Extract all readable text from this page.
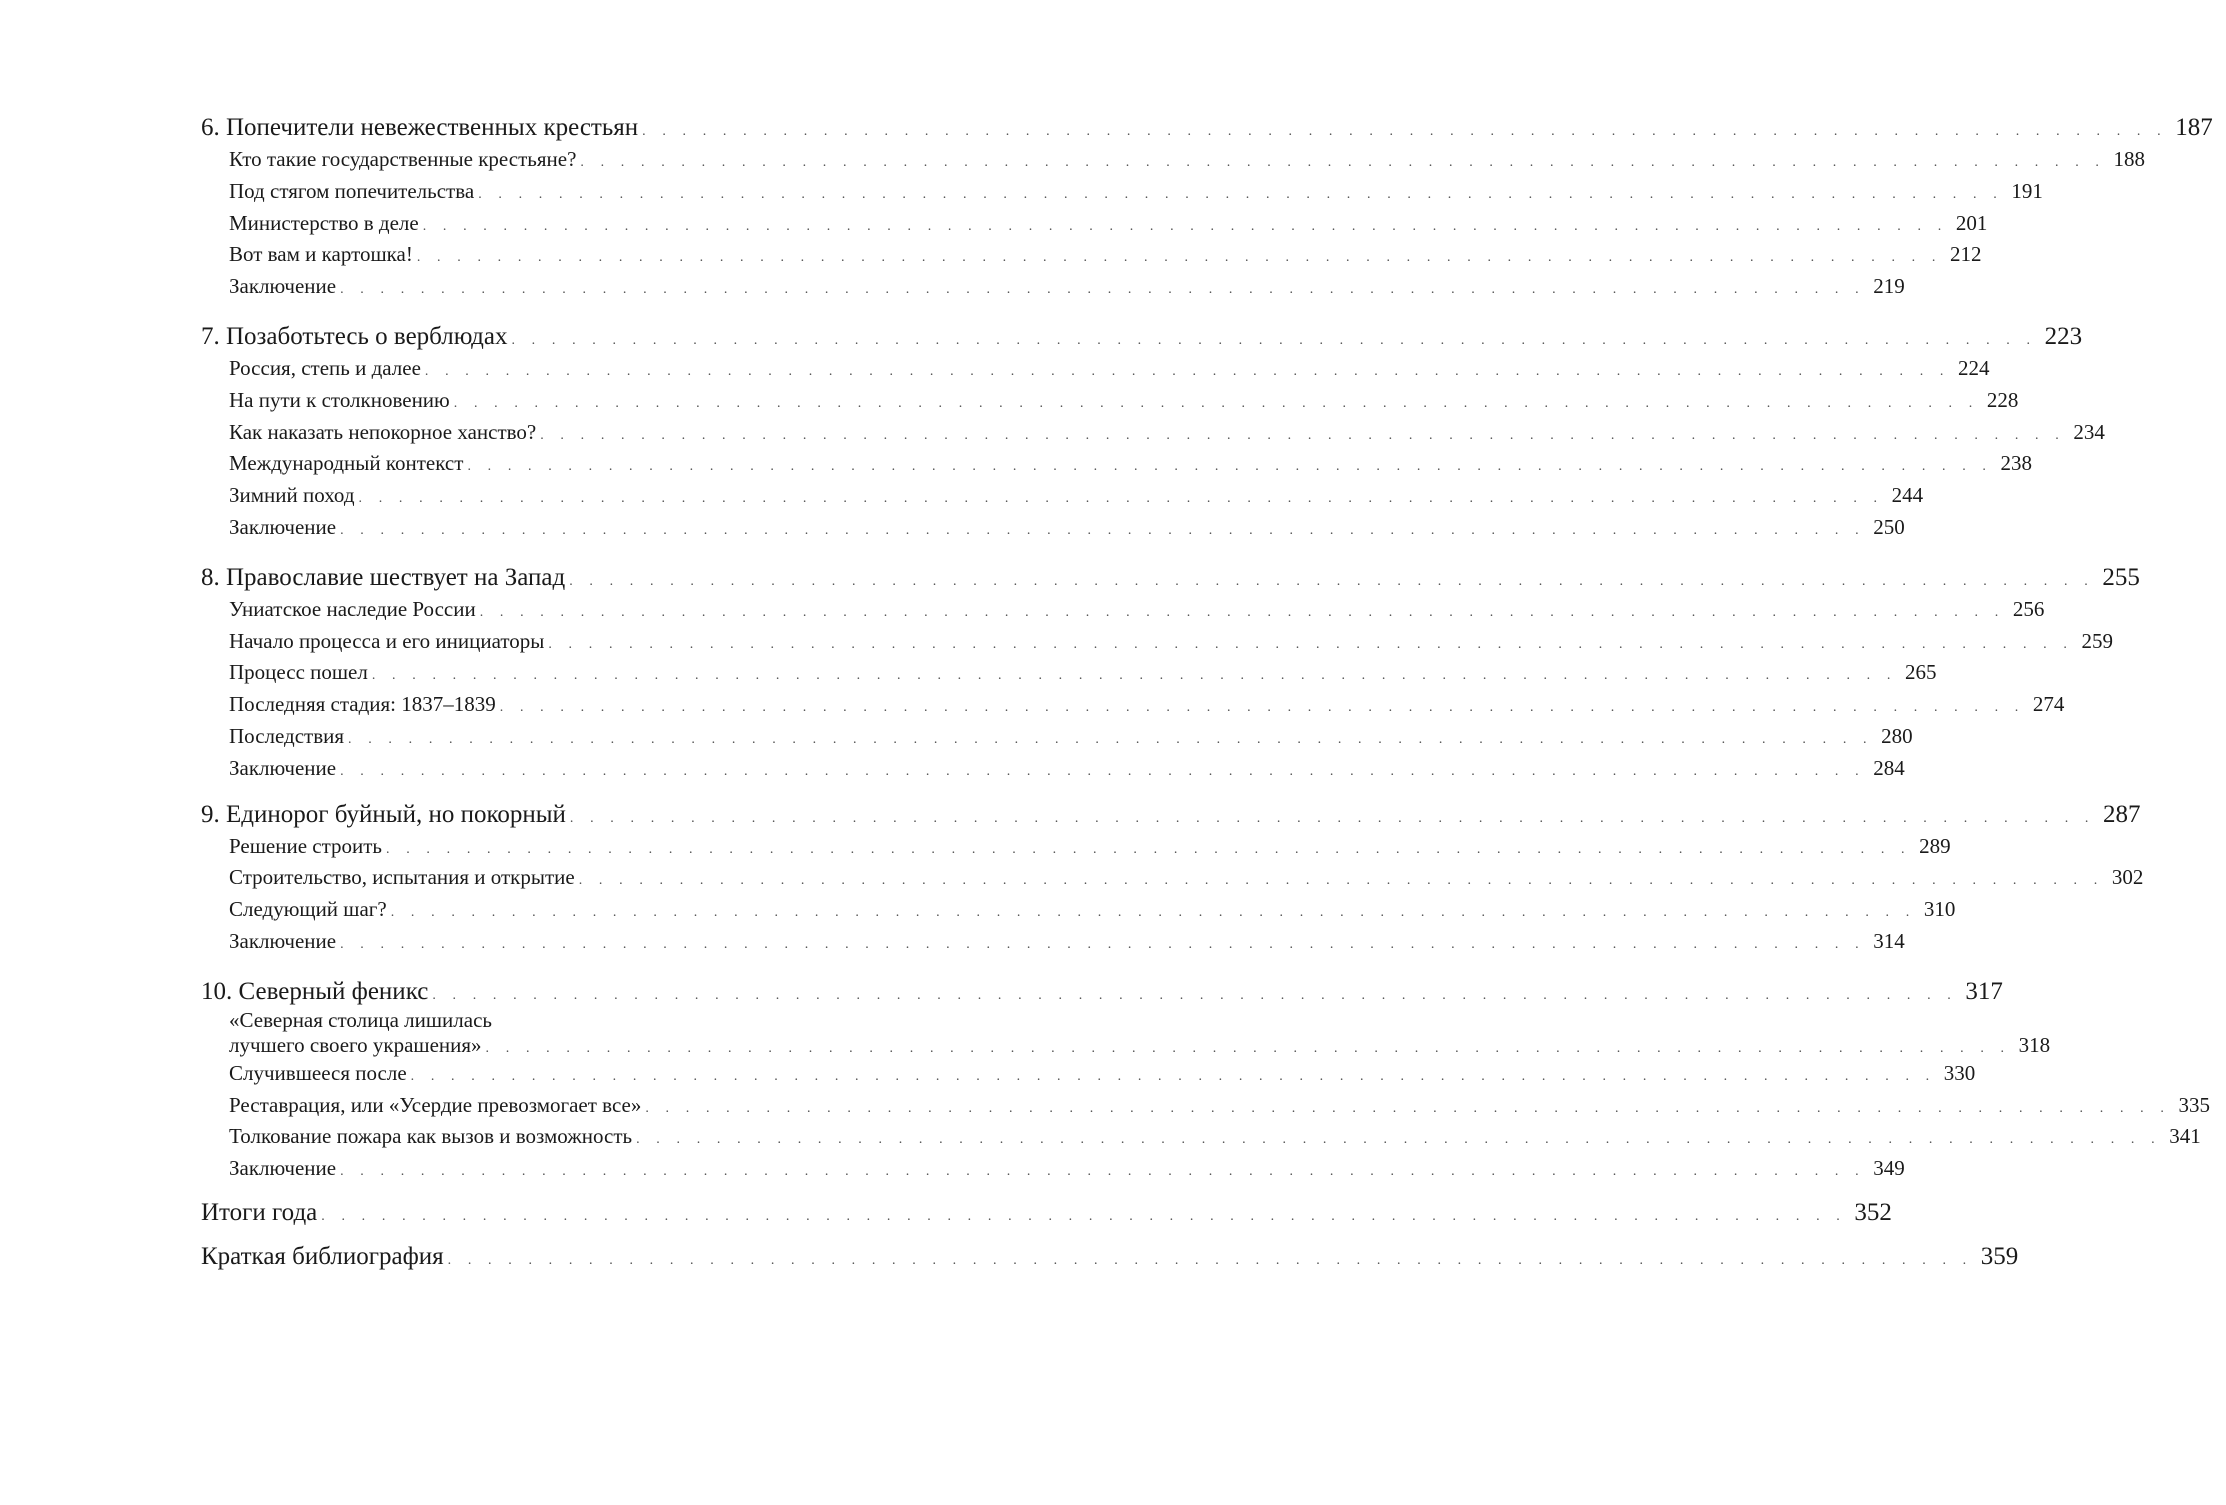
6. Попечители невежественных крестьян . . . . . . . . . . . . . . . . . . . . . . . . . . . . . . . . . . . . . . . . . . . . . . . . . . . . . . . . . . . . . . . . . . . . . . . . . . . . 187
Кто такие государственные крестьяне? . . . . . . . . . . . . . . . . . . . . . . . . . . . . . . . . . . . . . . . . . . . . . . . . . . . . . . . . . . . . . . . . . . . . . . . . . . . . 188
Под стягом попечительства . . . . . . . . . . . . . . . . . . . . . . . . . . . . . . . . . . . . . . . . . . . . . . . . . . . . . . . . . . . . . . . . . . . . . . . . . . . . 191
Министерство в деле . . . . . . . . . . . . . . . . . . . . . . . . . . . . . . . . . . . . . . . . . . . . . . . . . . . . . . . . . . . . . . . . . . . . . . . . . . . . 201
Вот вам и картошка! . . . . . . . . . . . . . . . . . . . . . . . . . . . . . . . . . . . . . . . . . . . . . . . . . . . . . . . . . . . . . . . . . . . . . . . . . . . . 212
Заключение . . . . . . . . . . . . . . . . . . . . . . . . . . . . . . . . . . . . . . . . . . . . . . . . . . . . . . . . . . . . . . . . . . . . . . . . . . . . 219
7. Позаботьтесь о верблюдах . . . . . . . . . . . . . . . . . . . . . . . . . . . . . . . . . . . . . . . . . . . . . . . . . . . . . . . . . . . . . . . . . . . . . . . . . . . . 223
Россия, степь и далее . . . . . . . . . . . . . . . . . . . . . . . . . . . . . . . . . . . . . . . . . . . . . . . . . . . . . . . . . . . . . . . . . . . . . . . . . . . . 224
На пути к столкновению . . . . . . . . . . . . . . . . . . . . . . . . . . . . . . . . . . . . . . . . . . . . . . . . . . . . . . . . . . . . . . . . . . . . . . . . . . . . 228
Как наказать непокорное ханство? . . . . . . . . . . . . . . . . . . . . . . . . . . . . . . . . . . . . . . . . . . . . . . . . . . . . . . . . . . . . . . . . . . . . . . . . . . . . 234
Международный контекст . . . . . . . . . . . . . . . . . . . . . . . . . . . . . . . . . . . . . . . . . . . . . . . . . . . . . . . . . . . . . . . . . . . . . . . . . . . . 238
Зимний поход . . . . . . . . . . . . . . . . . . . . . . . . . . . . . . . . . . . . . . . . . . . . . . . . . . . . . . . . . . . . . . . . . . . . . . . . . . . . 244
Заключение . . . . . . . . . . . . . . . . . . . . . . . . . . . . . . . . . . . . . . . . . . . . . . . . . . . . . . . . . . . . . . . . . . . . . . . . . . . . 250
8. Православие шествует на Запад . . . . . . . . . . . . . . . . . . . . . . . . . . . . . . . . . . . . . . . . . . . . . . . . . . . . . . . . . . . . . . . . . . . . . . . . . . . . 255
Униатское наследие России . . . . . . . . . . . . . . . . . . . . . . . . . . . . . . . . . . . . . . . . . . . . . . . . . . . . . . . . . . . . . . . . . . . . . . . . . . . . 256
Начало процесса и его инициаторы . . . . . . . . . . . . . . . . . . . . . . . . . . . . . . . . . . . . . . . . . . . . . . . . . . . . . . . . . . . . . . . . . . . . . . . . . . . . 259
Процесс пошел . . . . . . . . . . . . . . . . . . . . . . . . . . . . . . . . . . . . . . . . . . . . . . . . . . . . . . . . . . . . . . . . . . . . . . . . . . . . 265
Последняя стадия: 1837–1839 . . . . . . . . . . . . . . . . . . . . . . . . . . . . . . . . . . . . . . . . . . . . . . . . . . . . . . . . . . . . . . . . . . . . . . . . . . . . 274
Последствия . . . . . . . . . . . . . . . . . . . . . . . . . . . . . . . . . . . . . . . . . . . . . . . . . . . . . . . . . . . . . . . . . . . . . . . . . . . . 280
Заключение . . . . . . . . . . . . . . . . . . . . . . . . . . . . . . . . . . . . . . . . . . . . . . . . . . . . . . . . . . . . . . . . . . . . . . . . . . . . 284
9. Единорог буйный, но покорный . . . . . . . . . . . . . . . . . . . . . . . . . . . . . . . . . . . . . . . . . . . . . . . . . . . . . . . . . . . . . . . . . . . . . . . . . . . . 287
Решение строить . . . . . . . . . . . . . . . . . . . . . . . . . . . . . . . . . . . . . . . . . . . . . . . . . . . . . . . . . . . . . . . . . . . . . . . . . . . . 289
Строительство, испытания и открытие . . . . . . . . . . . . . . . . . . . . . . . . . . . . . . . . . . . . . . . . . . . . . . . . . . . . . . . . . . . . . . . . . . . . . . . . . . . . 302
Следующий шаг? . . . . . . . . . . . . . . . . . . . . . . . . . . . . . . . . . . . . . . . . . . . . . . . . . . . . . . . . . . . . . . . . . . . . . . . . . . . . 310
Заключение . . . . . . . . . . . . . . . . . . . . . . . . . . . . . . . . . . . . . . . . . . . . . . . . . . . . . . . . . . . . . . . . . . . . . . . . . . . . 314
10. Северный феникс . . . . . . . . . . . . . . . . . . . . . . . . . . . . . . . . . . . . . . . . . . . . . . . . . . . . . . . . . . . . . . . . . . . . . . . . . . . . 317
«Северная столица лишилась
лучшего своего украшения» . . . . . . . . . . . . . . . . . . . . . . . . . . . . . . . . . . . . . . . . . . . . . . . . . . . . . . . . . . . . . . . . . . . . . . . . . . . . 318
Случившееся после . . . . . . . . . . . . . . . . . . . . . . . . . . . . . . . . . . . . . . . . . . . . . . . . . . . . . . . . . . . . . . . . . . . . . . . . . . . . 330
Реставрация, или «Усердие превозмогает все» . . . . . . . . . . . . . . . . . . . . . . . . . . . . . . . . . . . . . . . . . . . . . . . . . . . . . . . . . . . . . . . . . . . . . . . . . . . . 335
Толкование пожара как вызов и возможность . . . . . . . . . . . . . . . . . . . . . . . . . . . . . . . . . . . . . . . . . . . . . . . . . . . . . . . . . . . . . . . . . . . . . . . . . . . . 341
Заключение . . . . . . . . . . . . . . . . . . . . . . . . . . . . . . . . . . . . . . . . . . . . . . . . . . . . . . . . . . . . . . . . . . . . . . . . . . . . 349
Итоги года . . . . . . . . . . . . . . . . . . . . . . . . . . . . . . . . . . . . . . . . . . . . . . . . . . . . . . . . . . . . . . . . . . . . . . . . . . . . 352
Краткая библиография . . . . . . . . . . . . . . . . . . . . . . . . . . . . . . . . . . . . . . . . . . . . . . . . . . . . . . . . . . . . . . . . . . . . . . . . . . . . 359
